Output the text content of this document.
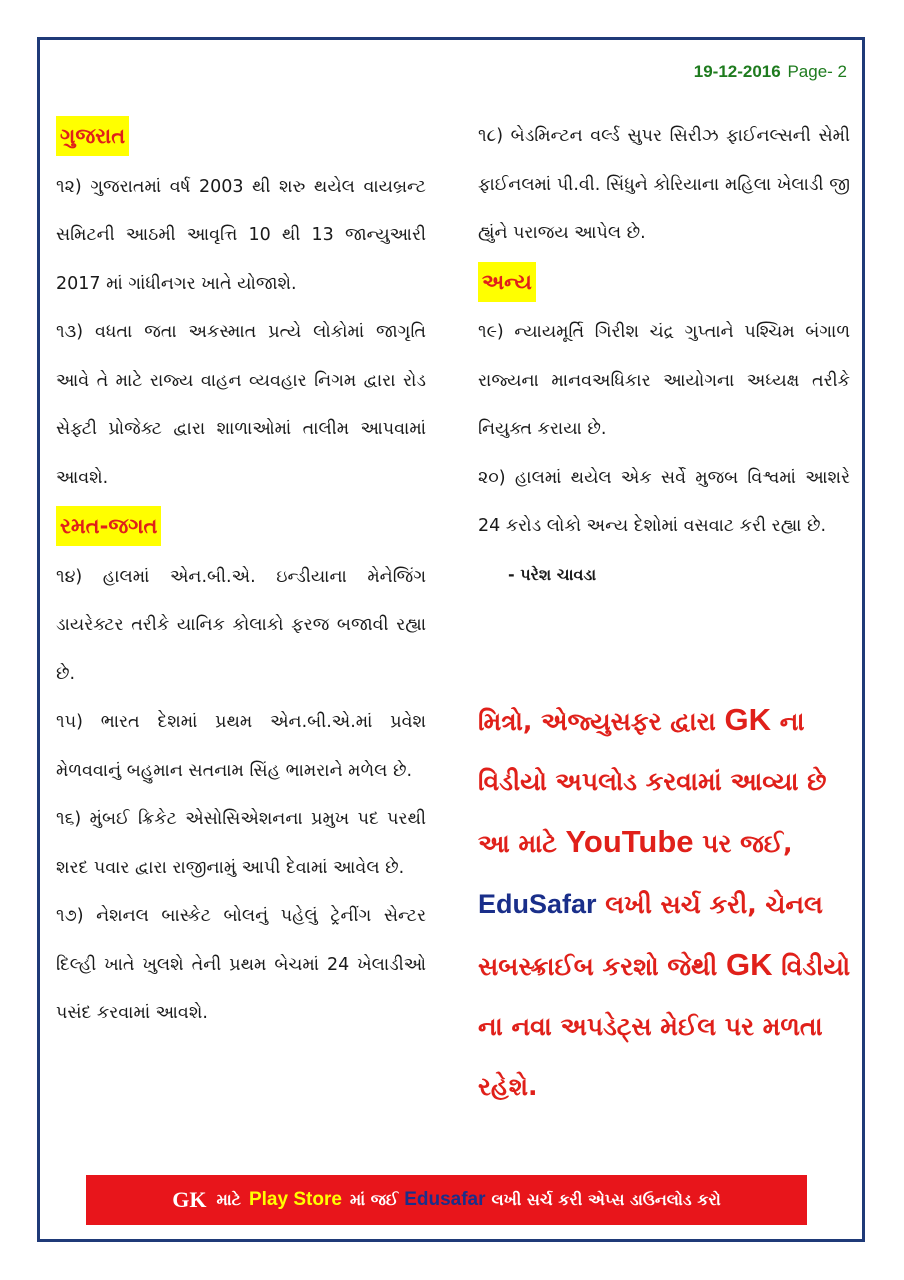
19-12-2016 Page- 2
ગુજરાત

૧૨) ગુજરાતમાં વર્ષ 2003 થી શરુ થયેલ વાયબ્રન્ટ સમિટની આઠમી આવૃત્તિ 10 થી 13 જાન્યુઆરી 2017 માં ગાંધીનગર ખાતે યોજાશે.

૧૩) વધતા જતા અકસ્માત પ્રત્યે લોકોમાં જાગૃતિ આવે તે માટે રાજ્ય વાહન વ્યવહાર નિગમ દ્વારા રોડ સેફ્ટી પ્રોજેક્ટ દ્વારા શાળાઓમાં તાલીમ આપવામાં આવશે.

રમત-જગત

૧૪) હાલમાં એન.બી.એ. ઇન્ડીયાના મેનેજિંગ ડાયરેક્ટર તરીકે યાનિક કોલાકો ફરજ બજાવી રહ્યા છે.

૧૫) ભારત દેશમાં પ્રથમ એન.બી.એ.માં પ્રવેશ મેળવવાનું બહુમાન સતનામ સિંહ ભામરાને મળેલ છે.

૧૬) મુંબઈ ક્રિકેટ એસોસિએશનના પ્રમુખ પદ પરથી શરદ પવાર દ્વારા રાજીનામું આપી દેવામાં આવેલ છે.

૧૭) નેશનલ બાસ્કેટ બોલનું પહેલું ટ્રેનીંગ સેન્ટર દિલ્હી ખાતે ખુલશે તેની પ્રથમ બેચમાં 24 ખેલાડીઓ પસંદ કરવામાં આવશે.

૧૮) બેડમિન્ટન વર્લ્ડ સુપર સિરીઝ ફાઈનલ્સની સેમી ફાઈનલમાં પી.વી. સિંધુને કોરિયાના મહિલા ખેલાડી જી હ્યુંને પરાજય આપેલ છે.

અન્ય

૧૯) ન્યાયમૂર્તિ ગિરીશ ચંદ્ર ગુપ્તાને પશ્ચિમ બંગાળ રાજ્યના માનવઅધિકાર આયોગના અધ્યક્ષ તરીકે નિયુક્ત કરાયા છે.

૨૦) હાલમાં થયેલ એક સર્વે મુજબ વિશ્વમાં આશરે 24 કરોડ લોકો અન્ય દેશોમાં વસવાટ કરી રહ્યા છે.

- પરેશ ચાવડા

મિત્રો, એજ્યુસફર દ્વારા GK ના વિડીયો અપલોડ કરવામાં આવ્યા છે આ માટે YouTube પર જઈ, EduSafar લખી સર્ચ કરી, ચેનલ સબસ્ક્રાઈબ કરશો જેથી GK વિડીયો ના નવા અપડેટ્સ મેઈલ પર મળતા રહેશે.
GK માટે Play Store માં જઈ Edusafar લખી સર્ચ કરી એપ્સ ડાઉનલોડ કરો
